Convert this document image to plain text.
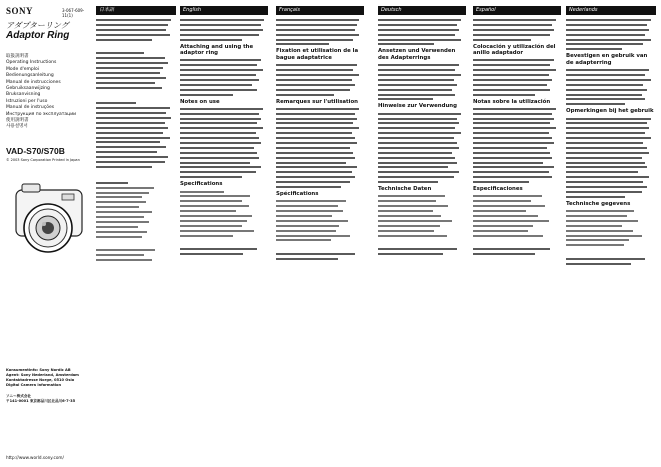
SONY	3-067-609-11(1)
アダプターリング
Adaptor Ring
取扱説明書
Operating Instructions
Mode d'emploi
Bedienungsanleitung
Manual de instrucciones
Gebruiksaanwijzing
Bruksanvisning
Istruzioni per l'uso
Manual de instruções
Инструкция по эксплуатации
使用說明書
사용설명서
VAD-S70/S70B
© 2003 Sony Corporation Printed in Japan
Konsumentinfo: Sony Nordic AB
Agent: Sony Nederland, Amsterdam
Kontaktadresse Norge, 0510 Oslo
Digital Camera information
ソニー株式会社
〒141-0001 東京都品川区北品川6-7-35
http://www.world.sony.com/
日本語	English
Attaching and using the adaptor ring
Notes on use
Specifications
Français
Fixation et utilisation de la bague adaptatrice
Remarques sur l'utilisation
Spécifications
Deutsch
Ansetzen und Verwenden des Adapterrings
Hinweise zur Verwendung
Technische Daten
Español
Colocación y utilización del anillo adaptador
Notas sobre la utilización
Especificaciones
Nederlands
Bevestigen en gebruik van de adapterring
Opmerkingen bij het gebruik
Technische gegevens
